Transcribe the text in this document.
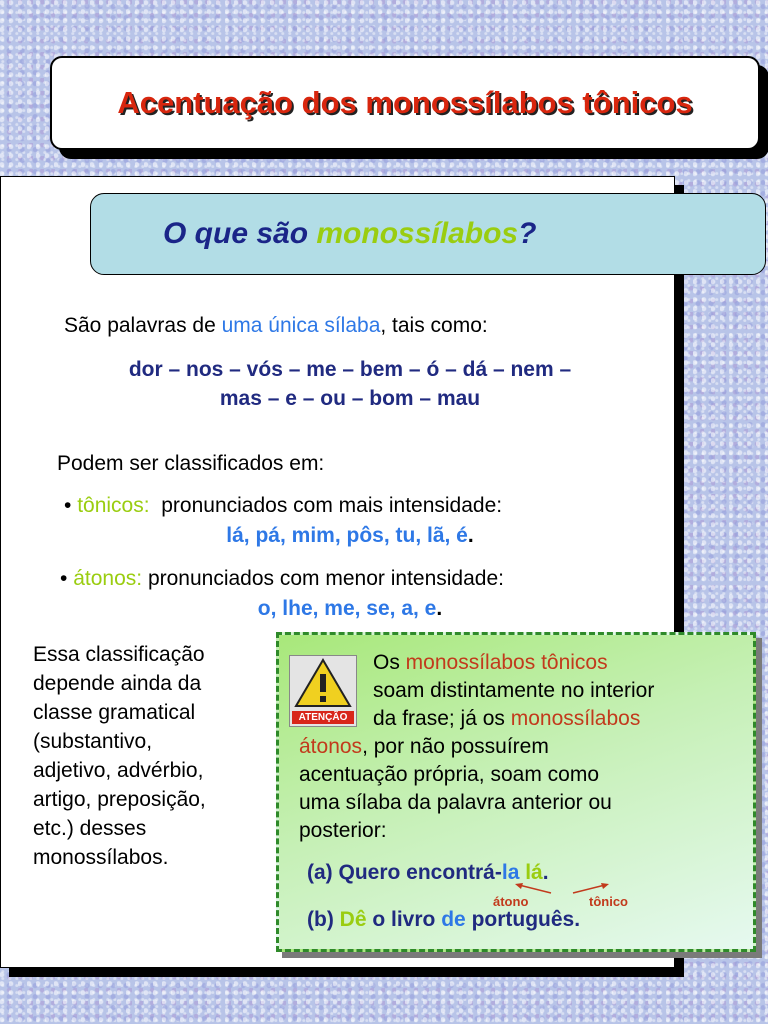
Acentuação dos monossílabos tônicos
O que são monossílabos?
São palavras de uma única sílaba, tais como:
dor – nos – vós – me – bem – ó – dá – nem –
mas – e – ou – bom – mau
Podem ser classificados em:
• tônicos: pronunciados com mais intensidade:
lá, pá, mim, pôs, tu, lã, é.
• átonos: pronunciados com menor intensidade:
o, lhe, me, se, a, e.
Essa classificação
depende ainda da
classe gramatical
(substantivo,
adjetivo, advérbio,
artigo, preposição,
etc.) desses
monossílabos.
ATENÇÃO
Os monossílabos tônicos
soam distintamente no interior
da frase; já os monossílabos
átonos, por não possuírem
acentuação própria, soam como
uma sílaba da palavra anterior ou
posterior:
(a) Quero encontrá-la lá.
átono	tônico
(b) Dê o livro de português.
